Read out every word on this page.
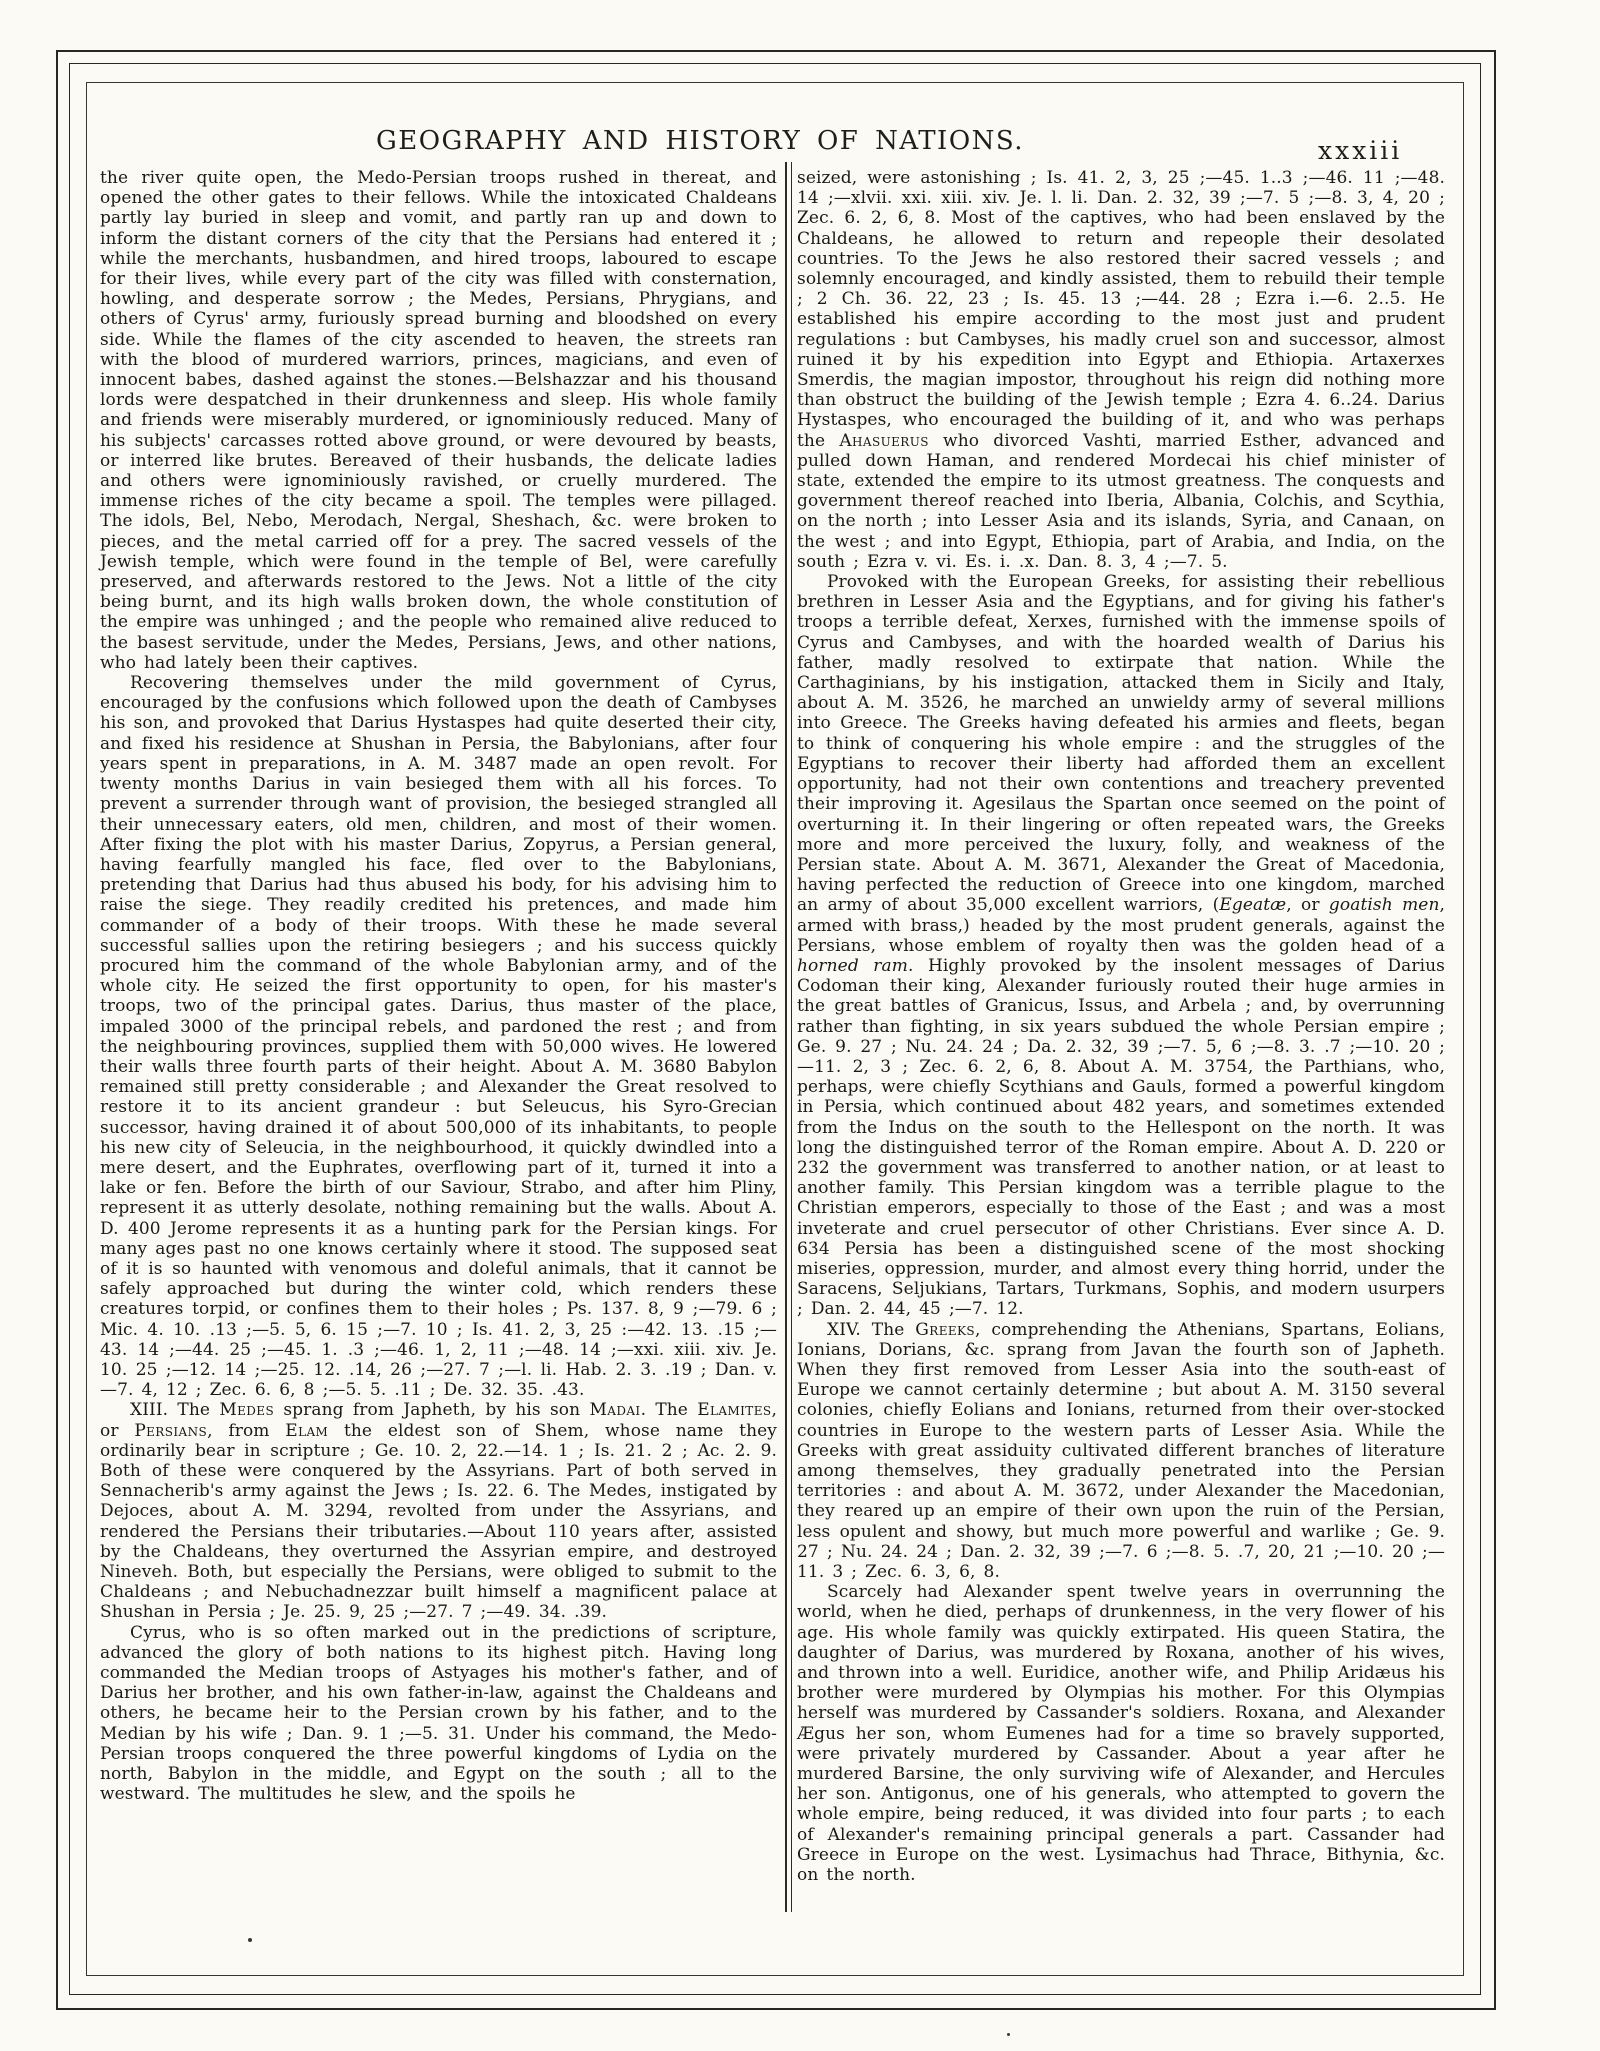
GEOGRAPHY AND HISTORY OF NATIONS.	xxxiii

the river quite open, the Medo-Persian troops rushed in thereat, and opened the other gates to their fellows. While the intoxicated Chaldeans partly lay buried in sleep and vomit, and partly ran up and down to inform the distant corners of the city that the Persians had entered it ; while the merchants, husbandmen, and hired troops, laboured to escape for their lives, while every part of the city was filled with consternation, howling, and desperate sorrow ; the Medes, Persians, Phrygians, and others of Cyrus' army, furiously spread burning and bloodshed on every side. While the flames of the city ascended to heaven, the streets ran with the blood of murdered warriors, princes, magicians, and even of innocent babes, dashed against the stones.—Belshazzar and his thousand lords were despatched in their drunkenness and sleep. His whole family and friends were miserably murdered, or ignominiously reduced. Many of his subjects' carcasses rotted above ground, or were devoured by beasts, or interred like brutes. Bereaved of their husbands, the delicate ladies and others were ignominiously ravished, or cruelly murdered. The immense riches of the city became a spoil. The temples were pillaged. The idols, Bel, Nebo, Merodach, Nergal, Sheshach, &c. were broken to pieces, and the metal carried off for a prey. The sacred vessels of the Jewish temple, which were found in the temple of Bel, were carefully preserved, and afterwards restored to the Jews. Not a little of the city being burnt, and its high walls broken down, the whole constitution of the empire was unhinged ; and the people who remained alive reduced to the basest servitude, under the Medes, Persians, Jews, and other nations, who had lately been their captives.

Recovering themselves under the mild government of Cyrus, encouraged by the confusions which followed upon the death of Cambyses his son, and provoked that Darius Hystaspes had quite deserted their city, and fixed his residence at Shushan in Persia, the Babylonians, after four years spent in preparations, in A. M. 3487 made an open revolt. For twenty months Darius in vain besieged them with all his forces. To prevent a surrender through want of provision, the besieged strangled all their unnecessary eaters, old men, children, and most of their women. After fixing the plot with his master Darius, Zopyrus, a Persian general, having fearfully mangled his face, fled over to the Babylonians, pretending that Darius had thus abused his body, for his advising him to raise the siege. They readily credited his pretences, and made him commander of a body of their troops. With these he made several successful sallies upon the retiring besiegers ; and his success quickly procured him the command of the whole Babylonian army, and of the whole city. He seized the first opportunity to open, for his master's troops, two of the principal gates. Darius, thus master of the place, impaled 3000 of the principal rebels, and pardoned the rest ; and from the neighbouring provinces, supplied them with 50,000 wives. He lowered their walls three fourth parts of their height. About A. M. 3680 Babylon remained still pretty considerable ; and Alexander the Great resolved to restore it to its ancient grandeur : but Seleucus, his Syro-Grecian successor, having drained it of about 500,000 of its inhabitants, to people his new city of Seleucia, in the neighbourhood, it quickly dwindled into a mere desert, and the Euphrates, overflowing part of it, turned it into a lake or fen. Before the birth of our Saviour, Strabo, and after him Pliny, represent it as utterly desolate, nothing remaining but the walls. About A. D. 400 Jerome represents it as a hunting park for the Persian kings. For many ages past no one knows certainly where it stood. The supposed seat of it is so haunted with venomous and doleful animals, that it cannot be safely approached but during the winter cold, which renders these creatures torpid, or confines them to their holes ; Ps. 137. 8, 9 ;—79. 6 ; Mic. 4. 10. .13 ;—5. 5, 6. 15 ;—7. 10 ; Is. 41. 2, 3, 25 :—42. 13. .15 ;—43. 14 ;—44. 25 ;—45. 1. .3 ;—46. 1, 2, 11 ;—48. 14 ;—xxi. xiii. xiv. Je. 10. 25 ;—12. 14 ;—25. 12. .14, 26 ;—27. 7 ;—l. li. Hab. 2. 3. .19 ; Dan. v.—7. 4, 12 ; Zec. 6. 6, 8 ;—5. 5. .11 ; De. 32. 35. .43.

XIII. The Medes sprang from Japheth, by his son Madai. The Elamites, or Persians, from Elam the eldest son of Shem, whose name they ordinarily bear in scripture ; Ge. 10. 2, 22.—14. 1 ; Is. 21. 2 ; Ac. 2. 9. Both of these were conquered by the Assyrians. Part of both served in Sennacherib's army against the Jews ; Is. 22. 6. The Medes, instigated by Dejoces, about A. M. 3294, revolted from under the Assyrians, and rendered the Persians their tributaries.—About 110 years after, assisted by the Chaldeans, they overturned the Assyrian empire, and destroyed Nineveh. Both, but especially the Persians, were obliged to submit to the Chaldeans ; and Nebuchadnezzar built himself a magnificent palace at Shushan in Persia ; Je. 25. 9, 25 ;—27. 7 ;—49. 34. .39.

Cyrus, who is so often marked out in the predictions of scripture, advanced the glory of both nations to its highest pitch. Having long commanded the Median troops of Astyages his mother's father, and of Darius her brother, and his own father-in-law, against the Chaldeans and others, he became heir to the Persian crown by his father, and to the Median by his wife ; Dan. 9. 1 ;—5. 31. Under his command, the Medo-Persian troops conquered the three powerful kingdoms of Lydia on the north, Babylon in the middle, and Egypt on the south ; all to the westward. The multitudes he slew, and the spoils he

seized, were astonishing ; Is. 41. 2, 3, 25 ;—45. 1..3 ;—46. 11 ;—48. 14 ;—xlvii. xxi. xiii. xiv. Je. l. li. Dan. 2. 32, 39 ;—7. 5 ;—8. 3, 4, 20 ; Zec. 6. 2, 6, 8. Most of the captives, who had been enslaved by the Chaldeans, he allowed to return and repeople their desolated countries. To the Jews he also restored their sacred vessels ; and solemnly encouraged, and kindly assisted, them to rebuild their temple ; 2 Ch. 36. 22, 23 ; Is. 45. 13 ;—44. 28 ; Ezra i.—6. 2..5. He established his empire according to the most just and prudent regulations : but Cambyses, his madly cruel son and successor, almost ruined it by his expedition into Egypt and Ethiopia. Artaxerxes Smerdis, the magian impostor, throughout his reign did nothing more than obstruct the building of the Jewish temple ; Ezra 4. 6..24. Darius Hystaspes, who encouraged the building of it, and who was perhaps the Ahasuerus who divorced Vashti, married Esther, advanced and pulled down Haman, and rendered Mordecai his chief minister of state, extended the empire to its utmost greatness. The conquests and government thereof reached into Iberia, Albania, Colchis, and Scythia, on the north ; into Lesser Asia and its islands, Syria, and Canaan, on the west ; and into Egypt, Ethiopia, part of Arabia, and India, on the south ; Ezra v. vi. Es. i. .x. Dan. 8. 3, 4 ;—7. 5.

Provoked with the European Greeks, for assisting their rebellious brethren in Lesser Asia and the Egyptians, and for giving his father's troops a terrible defeat, Xerxes, furnished with the immense spoils of Cyrus and Cambyses, and with the hoarded wealth of Darius his father, madly resolved to extirpate that nation. While the Carthaginians, by his instigation, attacked them in Sicily and Italy, about A. M. 3526, he marched an unwieldy army of several millions into Greece. The Greeks having defeated his armies and fleets, began to think of conquering his whole empire : and the struggles of the Egyptians to recover their liberty had afforded them an excellent opportunity, had not their own contentions and treachery prevented their improving it. Agesilaus the Spartan once seemed on the point of overturning it. In their lingering or often repeated wars, the Greeks more and more perceived the luxury, folly, and weakness of the Persian state. About A. M. 3671, Alexander the Great of Macedonia, having perfected the reduction of Greece into one kingdom, marched an army of about 35,000 excellent warriors, (Egeatæ, or goatish men, armed with brass,) headed by the most prudent generals, against the Persians, whose emblem of royalty then was the golden head of a horned ram. Highly provoked by the insolent messages of Darius Codoman their king, Alexander furiously routed their huge armies in the great battles of Granicus, Issus, and Arbela ; and, by overrunning rather than fighting, in six years subdued the whole Persian empire ; Ge. 9. 27 ; Nu. 24. 24 ; Da. 2. 32, 39 ;—7. 5, 6 ;—8. 3. .7 ;—10. 20 ;—11. 2, 3 ; Zec. 6. 2, 6, 8. About A. M. 3754, the Parthians, who, perhaps, were chiefly Scythians and Gauls, formed a powerful kingdom in Persia, which continued about 482 years, and sometimes extended from the Indus on the south to the Hellespont on the north. It was long the distinguished terror of the Roman empire. About A. D. 220 or 232 the government was transferred to another nation, or at least to another family. This Persian kingdom was a terrible plague to the Christian emperors, especially to those of the East ; and was a most inveterate and cruel persecutor of other Christians. Ever since A. D. 634 Persia has been a distinguished scene of the most shocking miseries, oppression, murder, and almost every thing horrid, under the Saracens, Seljukians, Tartars, Turkmans, Sophis, and modern usurpers ; Dan. 2. 44, 45 ;—7. 12.

XIV. The Greeks, comprehending the Athenians, Spartans, Eolians, Ionians, Dorians, &c. sprang from Javan the fourth son of Japheth. When they first removed from Lesser Asia into the south-east of Europe we cannot certainly determine ; but about A. M. 3150 several colonies, chiefly Eolians and Ionians, returned from their over-stocked countries in Europe to the western parts of Lesser Asia. While the Greeks with great assiduity cultivated different branches of literature among themselves, they gradually penetrated into the Persian territories : and about A. M. 3672, under Alexander the Macedonian, they reared up an empire of their own upon the ruin of the Persian, less opulent and showy, but much more powerful and warlike ; Ge. 9. 27 ; Nu. 24. 24 ; Dan. 2. 32, 39 ;—7. 6 ;—8. 5. .7, 20, 21 ;—10. 20 ;—11. 3 ; Zec. 6. 3, 6, 8.

Scarcely had Alexander spent twelve years in overrunning the world, when he died, perhaps of drunkenness, in the very flower of his age. His whole family was quickly extirpated. His queen Statira, the daughter of Darius, was murdered by Roxana, another of his wives, and thrown into a well. Euridice, another wife, and Philip Aridæus his brother were murdered by Olympias his mother. For this Olympias herself was murdered by Cassander's soldiers. Roxana, and Alexander Ægus her son, whom Eumenes had for a time so bravely supported, were privately murdered by Cassander. About a year after he murdered Barsine, the only surviving wife of Alexander, and Hercules her son. Antigonus, one of his generals, who attempted to govern the whole empire, being reduced, it was divided into four parts ; to each of Alexander's remaining principal generals a part. Cassander had Greece in Europe on the west. Lysimachus had Thrace, Bithynia, &c. on the north.
